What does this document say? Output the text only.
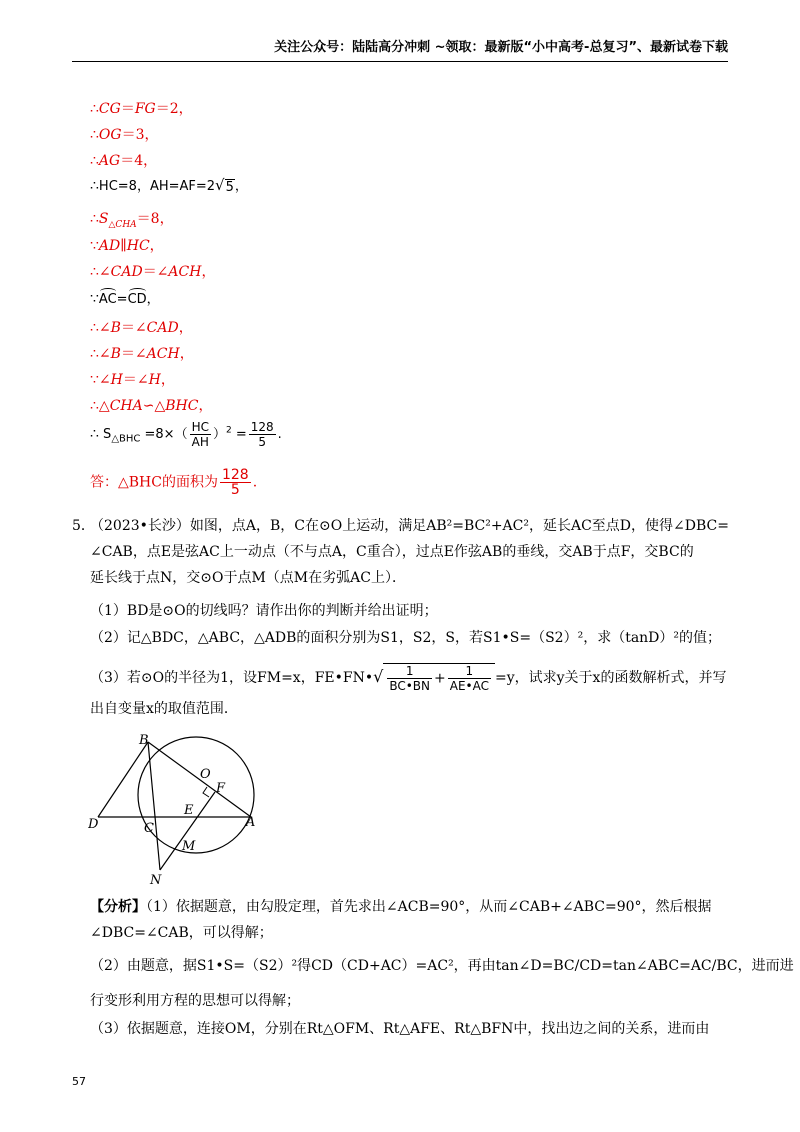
关注公众号：陆陆高分冲刺 ~领取：最新版“小中高考-总复习”、最新试卷下载
∴CG＝FG＝2，
∴OG＝3，
∴AG＝4，
∴HC=8，AH=AF=2√5，
$\therefore S_{\triangle CHA}=8$，
∵AD∥HC，
∴∠CAD＝∠ACH，
∵AC=CD，
∴∠B＝∠CAD，
∴∠B＝∠ACH，
∵∠H＝∠H，
∴△CHA∽△BHC，
∴ $S_{\triangle BHC} =8\times( \frac{HC}{AH} )^2 = \frac{128}{5}$ .
答：△BHC的面积为 $\frac{128}{5}$ .
5．
（2023•长沙）如图，点A，B，C在⊙O上运动，满足AB²=BC²+AC²，延长AC至点D，使得∠DBC=
∠CAB，点E是弦AC上一动点（不与点A，C重合），过点E作弦AB的垂线，交AB于点F，交BC的
延长线于点N，交⊙O于点M（点M在劣弧AC上）．
（1）BD是⊙O的切线吗？请作出你的判断并给出证明；
（2）记△BDC，△ABC，△ADB的面积分别为S1，S2，S，若S1•S=（S2）²，求（tanD）²的值；
（3）若⊙O的半径为1，设FM=x，FE•FN•√ $\frac{1}{BC•BN} + \frac{1}{AE•AC} =y$，试求y关于x的函数解析式，并写
出自变量x的取值范围．
B
O
F
E
D	C	A
M
N
【分析】（1）依据题意，由勾股定理，首先求出∠ACB=90°，从而∠CAB+∠ABC=90°，然后根据
∠DBC=∠CAB，可以得解；
（2）由题意，据S1•S=（S2）²得CD（CD+AC）=AC²，再由tan∠D=BC/CD=tan∠ABC=AC/BC，进而进
行变形利用方程的思想可以得解；
（3）依据题意，连接OM，分别在Rt△OFM、Rt△AFE、Rt△BFN中，找出边之间的关系，进而由
57
